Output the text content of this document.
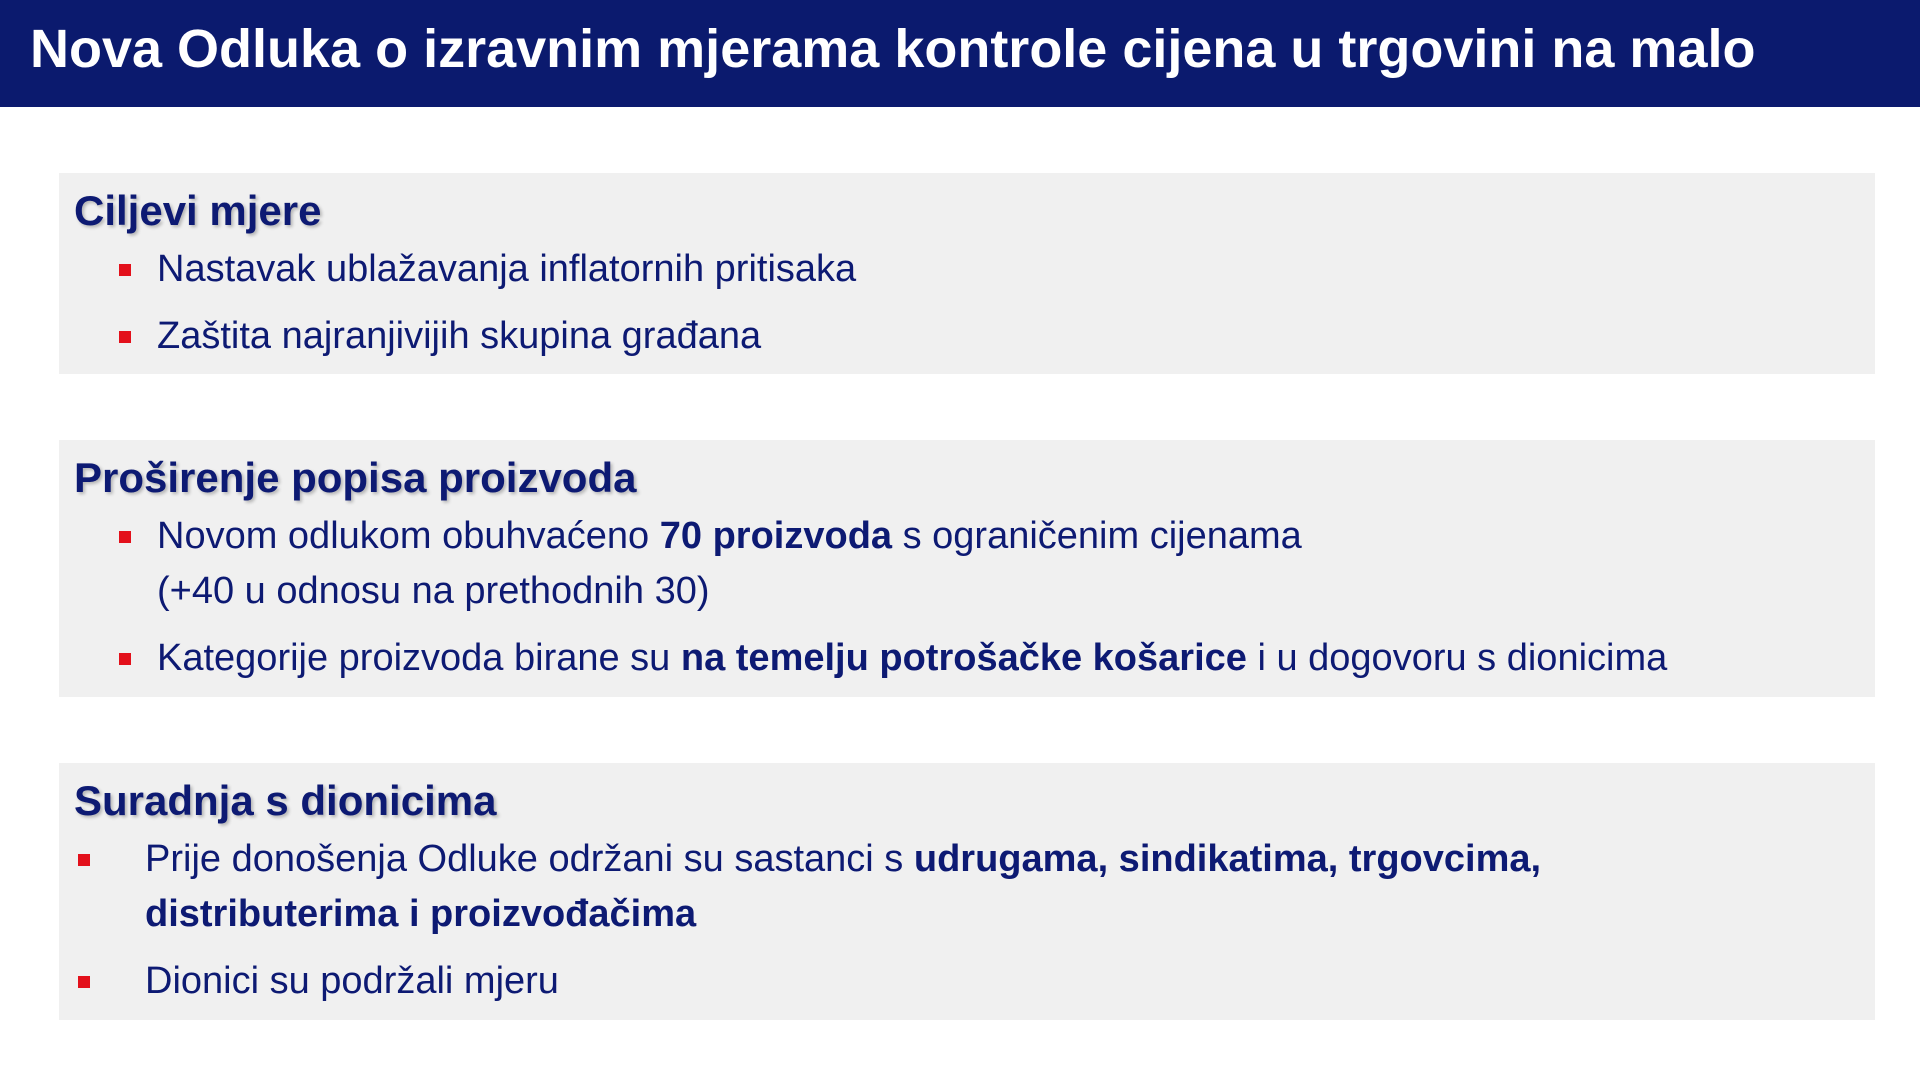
Nova Odluka o izravnim mjerama kontrole cijena u trgovini na malo
Ciljevi mjere
Nastavak ublažavanja inflatornih pritisaka
Zaštita najranjivijih skupina građana
Proširenje popisa proizvoda
Novom odlukom obuhvaćeno 70 proizvoda s ograničenim cijenama
(+40 u odnosu na prethodnih 30)
Kategorije proizvoda birane su na temelju potrošačke košarice i u dogovoru s dionicima
Suradnja s dionicima
Prije donošenja Odluke održani su sastanci s udrugama, sindikatima, trgovcima,
distributerima i proizvođačima
Dionici su podržali mjeru
